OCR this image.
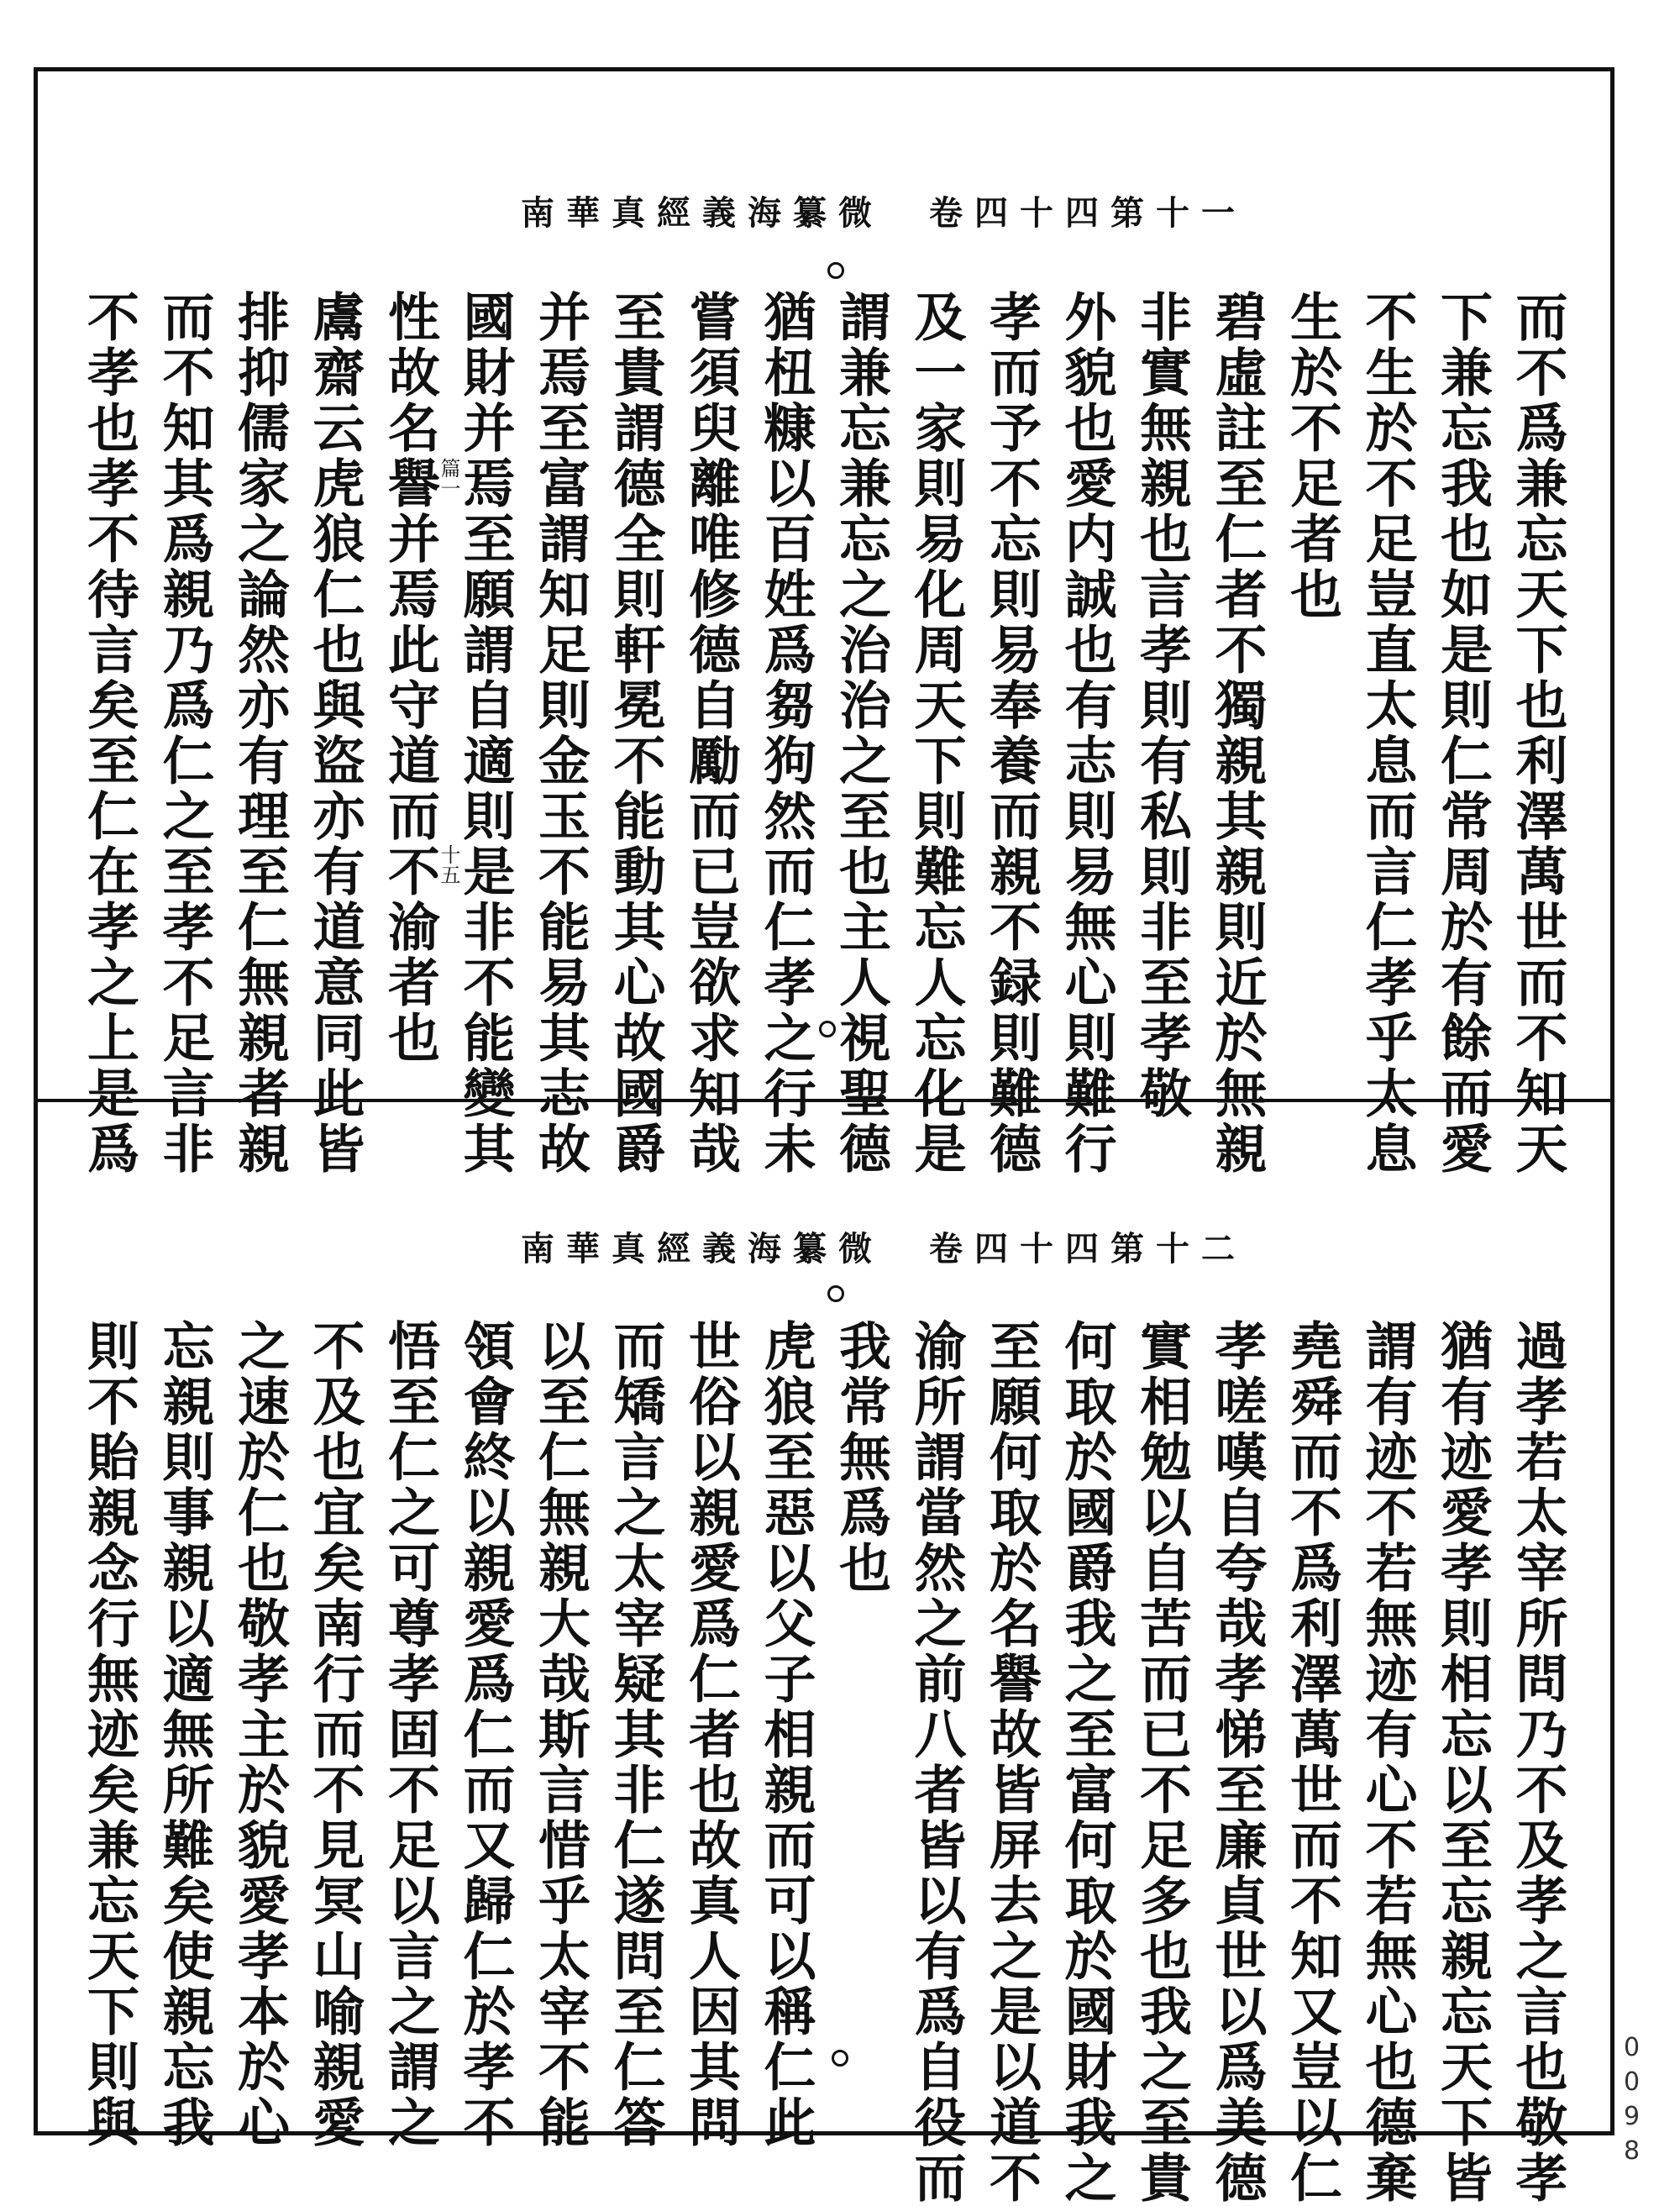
南華真經義海纂微　卷四十四第十一
十五
篇一	而不爲兼忘天下也利澤萬世而不知天
下兼忘我也如是則仁常周於有餘而愛
不生於不足豈直太息而言仁孝乎太息
生於不足者也
碧虛註至仁者不獨親其親則近於無親
非實無親也言孝則有私則非至孝敬
外貌也愛内誠也有志則易無心則難行
孝而予不忘則易奉養而親不録則難德
及一家則易化周天下則難忘人忘化是
謂兼忘兼忘之治治之至也主人視聖德
猶杻糠以百姓爲芻狗然而仁孝之行未
嘗須臾離唯修德自勵而已豈欲求知哉
至貴謂德全則軒冕不能動其心故國爵
并焉至富謂知足則金玉不能易其志故
國財并焉至願謂自適則是非不能變其
性故名譽并焉此守道而不渝者也
鬳齋云虎狼仁也與盜亦有道意同此皆
排抑儒家之論然亦有理至仁無親者親
而不知其爲親乃爲仁之至孝不足言非
不孝也孝不待言矣至仁在孝之上是爲
南華真經義海纂微　卷四十四第十二
過孝若太宰所問乃不及孝之言也敬孝
猶有迹愛孝則相忘以至忘親忘天下皆
謂有迹不若無迹有心不若無心也德棄
堯舜而不爲利澤萬世而不知又豈以仁
孝嗟嘆自夸哉孝悌至廉貞世以爲美德
實相勉以自苦而已不足多也我之至貴
何取於國爵我之至富何取於國財我之
至願何取於名譽故皆屏去之是以道不
渝所謂當然之前八者皆以有爲自役而
我常無爲也
虎狼至惡以父子相親而可以稱仁此
世俗以親愛爲仁者也故真人因其問
而矯言之太宰疑其非仁遂問至仁答
以至仁無親大哉斯言惜乎太宰不能
領會終以親愛爲仁而又歸仁於孝不
悟至仁之可尊孝固不足以言之謂之
不及也宜矣南行而不見冥山喻親愛
之速於仁也敬孝主於貌愛孝本於心
忘親則事親以適無所難矣使親忘我
則不貽親念行無迹矣兼忘天下則與	0098
